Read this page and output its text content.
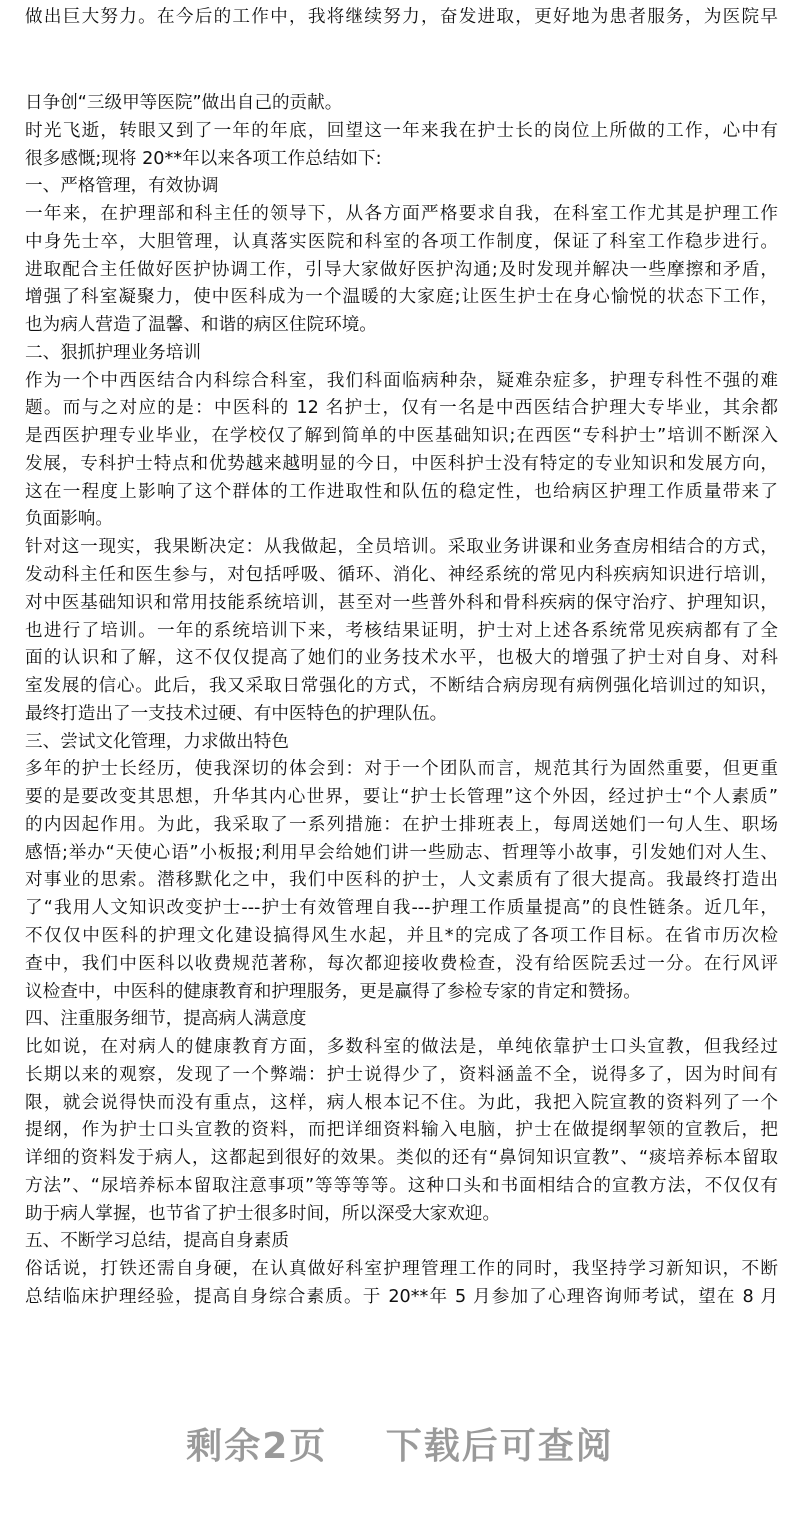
做出巨大努力。在今后的工作中，我将继续努力，奋发进取，更好地为患者服务，为医院早
日争创“三级甲等医院”做出自己的贡献。
时光飞逝，转眼又到了一年的年底，回望这一年来我在护士长的岗位上所做的工作，心中有
很多感慨;现将 20**年以来各项工作总结如下:
一、严格管理，有效协调
一年来，在护理部和科主任的领导下，从各方面严格要求自我，在科室工作尤其是护理工作
中身先士卒，大胆管理，认真落实医院和科室的各项工作制度，保证了科室工作稳步进行。
进取配合主任做好医护协调工作，引导大家做好医护沟通;及时发现并解决一些摩擦和矛盾，
增强了科室凝聚力，使中医科成为一个温暖的大家庭;让医生护士在身心愉悦的状态下工作，
也为病人营造了温馨、和谐的病区住院环境。
二、狠抓护理业务培训
作为一个中西医结合内科综合科室，我们科面临病种杂，疑难杂症多，护理专科性不强的难
题。而与之对应的是：中医科的 12 名护士，仅有一名是中西医结合护理大专毕业，其余都
是西医护理专业毕业，在学校仅了解到简单的中医基础知识;在西医“专科护士”培训不断深入
发展，专科护士特点和优势越来越明显的今日，中医科护士没有特定的专业知识和发展方向，
这在一程度上影响了这个群体的工作进取性和队伍的稳定性，也给病区护理工作质量带来了
负面影响。
针对这一现实，我果断决定：从我做起，全员培训。采取业务讲课和业务查房相结合的方式，
发动科主任和医生参与，对包括呼吸、循环、消化、神经系统的常见内科疾病知识进行培训，
对中医基础知识和常用技能系统培训，甚至对一些普外科和骨科疾病的保守治疗、护理知识，
也进行了培训。一年的系统培训下来，考核结果证明，护士对上述各系统常见疾病都有了全
面的认识和了解，这不仅仅提高了她们的业务技术水平，也极大的增强了护士对自身、对科
室发展的信心。此后，我又采取日常强化的方式，不断结合病房现有病例强化培训过的知识，
最终打造出了一支技术过硬、有中医特色的护理队伍。
三、尝试文化管理，力求做出特色
多年的护士长经历，使我深切的体会到：对于一个团队而言，规范其行为固然重要，但更重
要的是要改变其思想，升华其内心世界，要让“护士长管理”这个外因，经过护士“个人素质”
的内因起作用。为此，我采取了一系列措施：在护士排班表上，每周送她们一句人生、职场
感悟;举办“天使心语”小板报;利用早会给她们讲一些励志、哲理等小故事，引发她们对人生、
对事业的思索。潜移默化之中，我们中医科的护士，人文素质有了很大提高。我最终打造出
了“我用人文知识改变护士---护士有效管理自我---护理工作质量提高”的良性链条。近几年，
不仅仅中医科的护理文化建设搞得风生水起，并且*的完成了各项工作目标。在省市历次检
查中，我们中医科以收费规范著称，每次都迎接收费检查，没有给医院丢过一分。在行风评
议检查中，中医科的健康教育和护理服务，更是赢得了参检专家的肯定和赞扬。
四、注重服务细节，提高病人满意度
比如说，在对病人的健康教育方面，多数科室的做法是，单纯依靠护士口头宣教，但我经过
长期以来的观察，发现了一个弊端：护士说得少了，资料涵盖不全，说得多了，因为时间有
限，就会说得快而没有重点，这样，病人根本记不住。为此，我把入院宣教的资料列了一个
提纲，作为护士口头宣教的资料，而把详细资料输入电脑，护士在做提纲挈领的宣教后，把
详细的资料发于病人，这都起到很好的效果。类似的还有“鼻饲知识宣教”、“痰培养标本留取
方法”、“尿培养标本留取注意事项”等等等等。这种口头和书面相结合的宣教方法，不仅仅有
助于病人掌握，也节省了护士很多时间，所以深受大家欢迎。
五、不断学习总结，提高自身素质
俗话说，打铁还需自身硬，在认真做好科室护理管理工作的同时，我坚持学习新知识，不断
总结临床护理经验，提高自身综合素质。于 20**年 5 月参加了心理咨询师考试，望在 8 月
剩余2页 下载后可查阅
